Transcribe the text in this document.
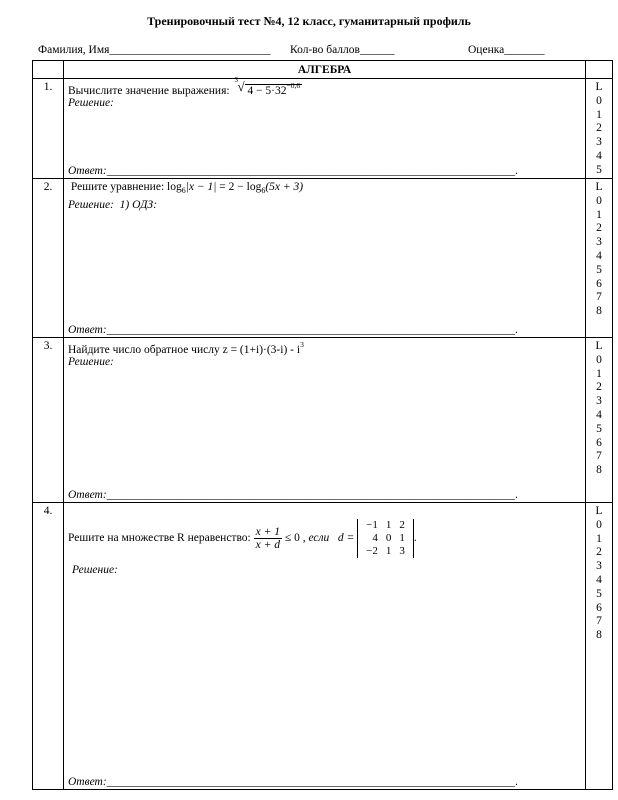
Тренировочный тест №4, 12 класс, гуманитарный профиль
Фамилия, Имя____________________________ Кол-во баллов______	Оценка_______
	АЛГЕБРА	
1.	Вычислите значение выражения:
3 √ $4 - 5\cdot 32^{-0,6}$
Решение:
Ответ:_______________________________________________________________________.

L
0
1
2
3
4
5

2.	Решите уравнение: $\log_6|x - 1| = 2 - \log_6(5x + 3)$
Решение: 1) ОДЗ:
Ответ:_______________________________________________________________________.

L
0
1
2
3
4
5
6
7
8

3.	Найдите число обратное числу $z = (1+i)\cdot(3-i) - i^3$
Решение:
Ответ:_______________________________________________________________________.

L
0
1
2
3
4
5
6
7
8

4.	
Решите на множестве R неравенство: $\frac{x + 1}{x + d} \le 0$ , если d =
−1	1	2
4	0	1
−2	1	3
.
Решение:
Ответ:_______________________________________________________________________.

L
0
1
2
3
4
5
6
7
8
